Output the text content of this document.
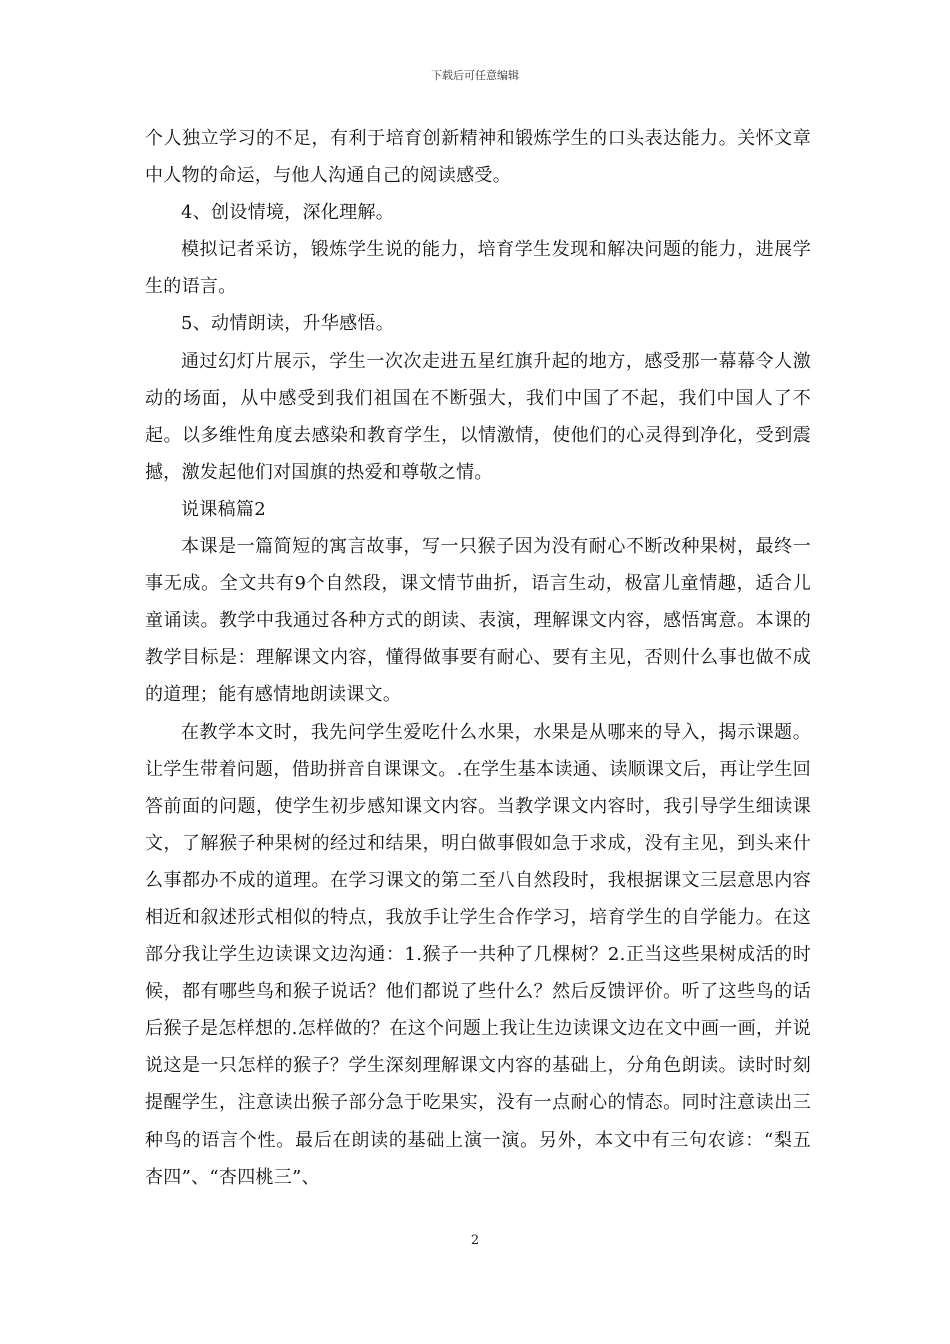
下载后可任意编辑

个人独立学习的不足，有利于培育创新精神和锻炼学生的口头表达能力。关怀文章中人物的命运，与他人沟通自己的阅读感受。

4、创设情境，深化理解。

模拟记者采访，锻炼学生说的能力，培育学生发现和解决问题的能力，进展学生的语言。

5、动情朗读，升华感悟。

通过幻灯片展示，学生一次次走进五星红旗升起的地方，感受那一幕幕令人激动的场面，从中感受到我们祖国在不断强大，我们中国了不起，我们中国人了不起。以多维性角度去感染和教育学生，以情激情，使他们的心灵得到净化，受到震撼，激发起他们对国旗的热爱和尊敬之情。

说课稿篇2

本课是一篇简短的寓言故事，写一只猴子因为没有耐心不断改种果树，最终一事无成。全文共有9个自然段，课文情节曲折，语言生动，极富儿童情趣，适合儿童诵读。教学中我通过各种方式的朗读、表演，理解课文内容，感悟寓意。本课的教学目标是：理解课文内容，懂得做事要有耐心、要有主见，否则什么事也做不成的道理；能有感情地朗读课文。

在教学本文时，我先问学生爱吃什么水果，水果是从哪来的导入，揭示课题。让学生带着问题，借助拼音自课课文。.在学生基本读通、读顺课文后，再让学生回答前面的问题，使学生初步感知课文内容。当教学课文内容时，我引导学生细读课文，了解猴子种果树的经过和结果，明白做事假如急于求成，没有主见，到头来什么事都办不成的道理。在学习课文的第二至八自然段时，我根据课文三层意思内容相近和叙述形式相似的特点，我放手让学生合作学习，培育学生的自学能力。在这部分我让学生边读课文边沟通：1.猴子一共种了几棵树？2.正当这些果树成活的时候，都有哪些鸟和猴子说话？他们都说了些什么？然后反馈评价。听了这些鸟的话后猴子是怎样想的.怎样做的？在这个问题上我让生边读课文边在文中画一画，并说说这是一只怎样的猴子？学生深刻理解课文内容的基础上，分角色朗读。读时时刻提醒学生，注意读出猴子部分急于吃果实，没有一点耐心的情态。同时注意读出三种鸟的语言个性。最后在朗读的基础上演一演。另外，本文中有三句农谚：“梨五杏四”、“杏四桃三”、

2
